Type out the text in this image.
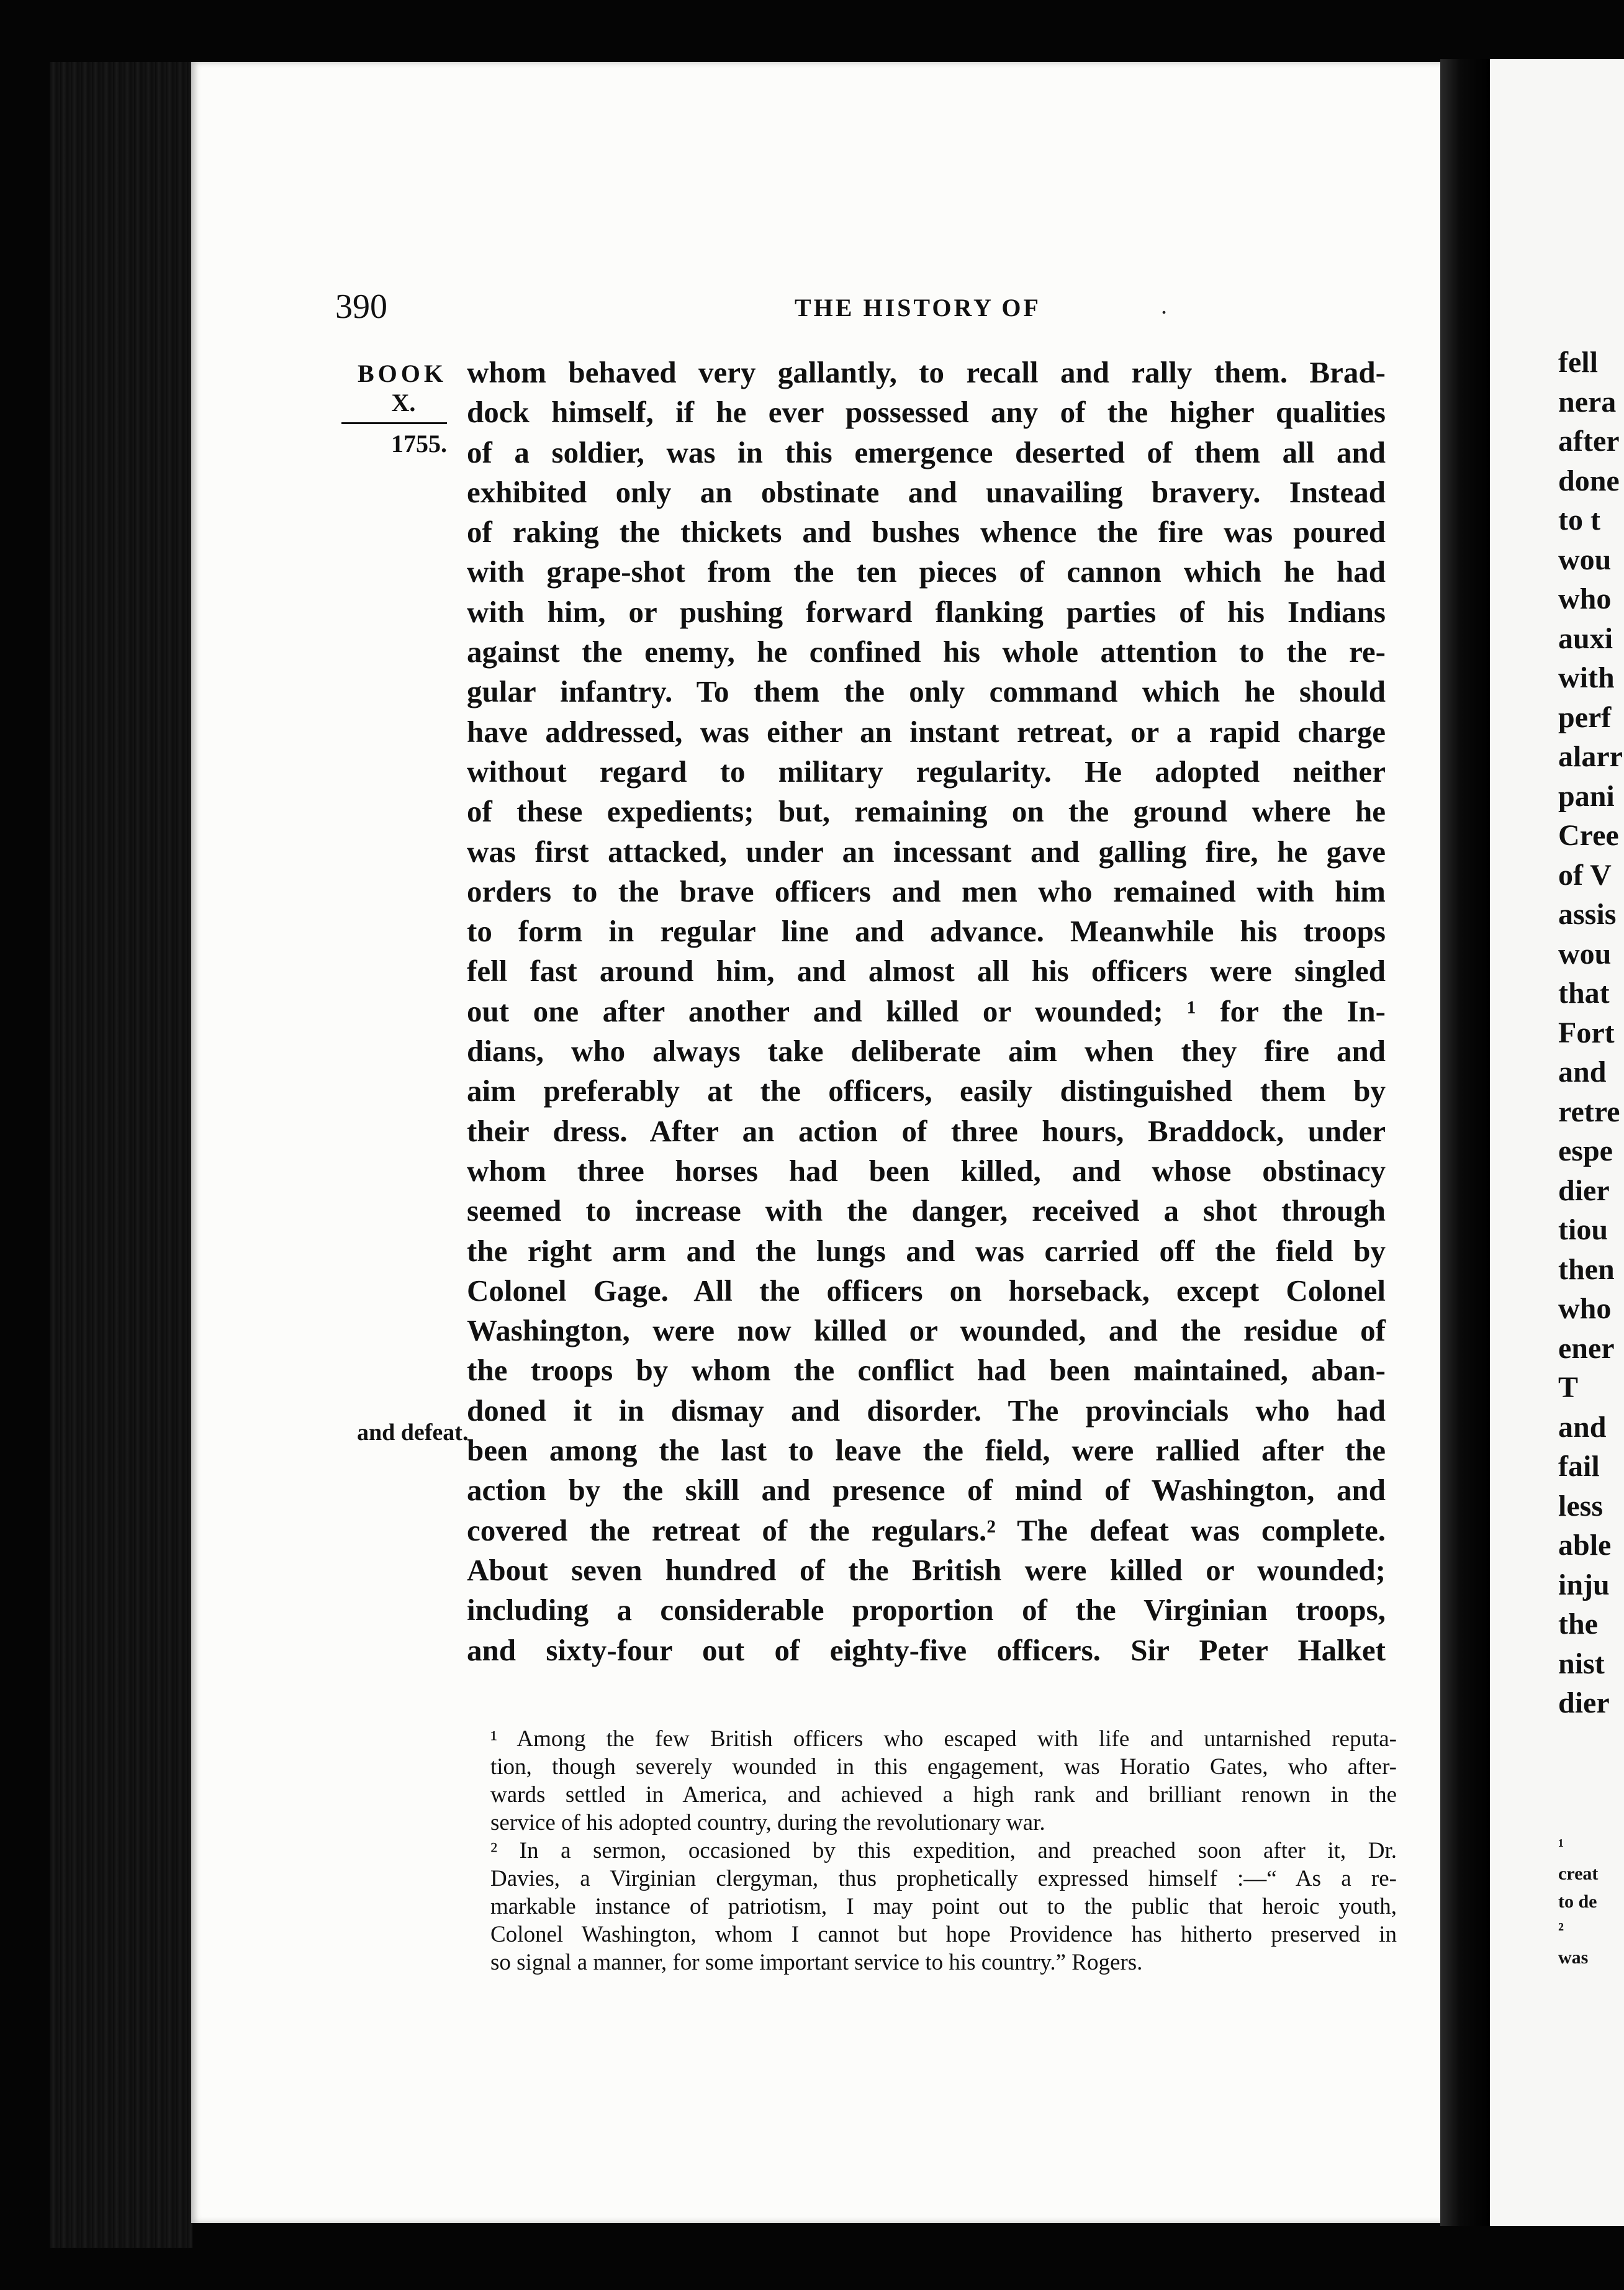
390	THE HISTORY OF	.
BOOK
X.
1755.
and defeat.
whom behaved very gallantly, to recall and rally them. Brad-
dock himself, if he ever possessed any of the higher qualities
of a soldier, was in this emergence deserted of them all and
exhibited only an obstinate and unavailing bravery. Instead
of raking the thickets and bushes whence the fire was poured
with grape-shot from the ten pieces of cannon which he had
with him, or pushing forward flanking parties of his Indians
against the enemy, he confined his whole attention to the re-
gular infantry. To them the only command which he should
have addressed, was either an instant retreat, or a rapid charge
without regard to military regularity. He adopted neither
of these expedients; but, remaining on the ground where he
was first attacked, under an incessant and galling fire, he gave
orders to the brave officers and men who remained with him
to form in regular line and advance. Meanwhile his troops
fell fast around him, and almost all his officers were singled
out one after another and killed or wounded; ¹ for the In-
dians, who always take deliberate aim when they fire and
aim preferably at the officers, easily distinguished them by
their dress. After an action of three hours, Braddock, under
whom three horses had been killed, and whose obstinacy
seemed to increase with the danger, received a shot through
the right arm and the lungs and was carried off the field by
Colonel Gage. All the officers on horseback, except Colonel
Washington, were now killed or wounded, and the residue of
the troops by whom the conflict had been maintained, aban-
doned it in dismay and disorder. The provincials who had
been among the last to leave the field, were rallied after the
action by the skill and presence of mind of Washington, and
covered the retreat of the regulars.² The defeat was complete.
About seven hundred of the British were killed or wounded;
including a considerable proportion of the Virginian troops,
and sixty-four out of eighty-five officers. Sir Peter Halket
¹ Among the few British officers who escaped with life and untarnished reputa-
tion, though severely wounded in this engagement, was Horatio Gates, who after-
wards settled in America, and achieved a high rank and brilliant renown in the
service of his adopted country, during the revolutionary war.
² In a sermon, occasioned by this expedition, and preached soon after it, Dr.
Davies, a Virginian clergyman, thus prophetically expressed himself :—“ As a re-
markable instance of patriotism, I may point out to the public that heroic youth,
Colonel Washington, whom I cannot but hope Providence has hitherto preserved in
so signal a manner, for some important service to his country.” Rogers.
fell
nera
after
done
to t
wou
who
auxi
with
perf
alarr
pani
Cree
of V
assis
wou
that
Fort
and
retre
espe
dier
tiou
then
who
ener
T
and
fail
less
able
inju
the
nist
dier
¹
creat
to de
²
was
